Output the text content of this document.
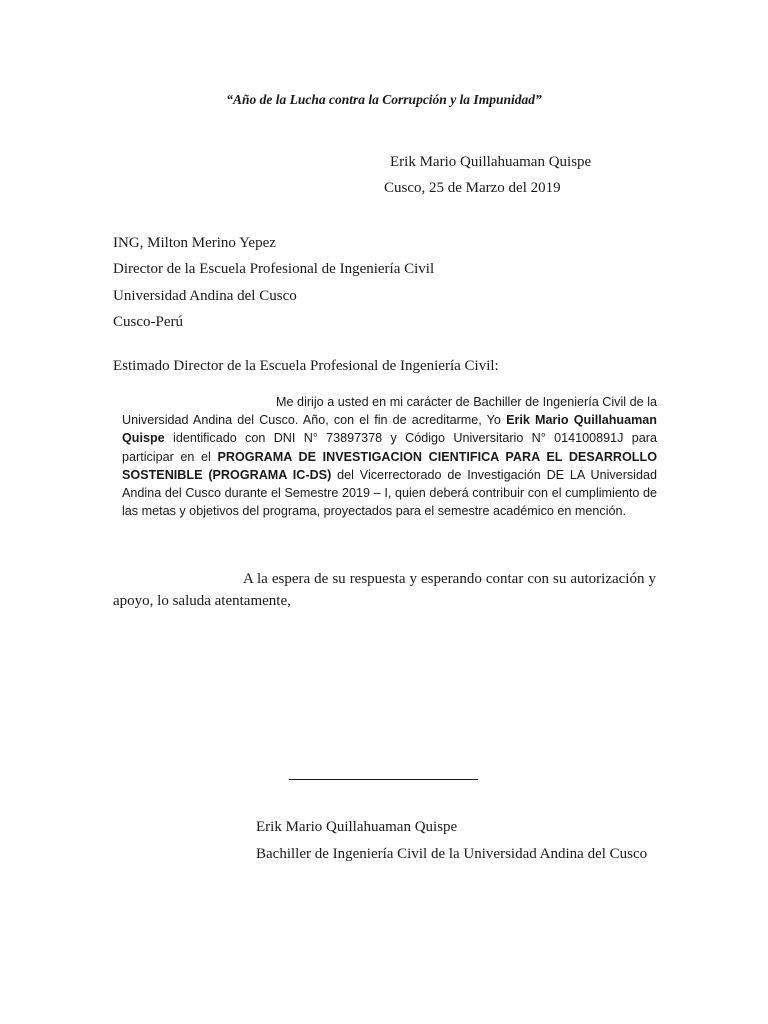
“Año de la Lucha contra la Corrupción y la Impunidad”
Erik Mario Quillahuaman Quispe
Cusco, 25 de Marzo del 2019
ING, Milton Merino Yepez
Director de la Escuela Profesional de Ingeniería Civil
Universidad Andina del Cusco
Cusco-Perú
Estimado Director de la Escuela Profesional de Ingeniería Civil:
Me dirijo a usted en mi carácter de Bachiller de Ingeniería Civil de la Universidad Andina del Cusco. Año, con el fin de acreditarme, Yo Erik Mario Quillahuaman Quispe identificado con DNI N° 73897378 y Código Universitario N° 014100891J para participar en el PROGRAMA DE INVESTIGACION CIENTIFICA PARA EL DESARROLLO SOSTENIBLE (PROGRAMA IC-DS) del Vicerrectorado de Investigación DE LA Universidad Andina del Cusco durante el Semestre 2019 – I, quien deberá contribuir con el cumplimiento de las metas y objetivos del programa, proyectados para el semestre académico en mención.
A la espera de su respuesta y esperando contar con su autorización y apoyo, lo saluda atentamente,
Erik Mario Quillahuaman Quispe
Bachiller de Ingeniería Civil de la Universidad Andina del Cusco
